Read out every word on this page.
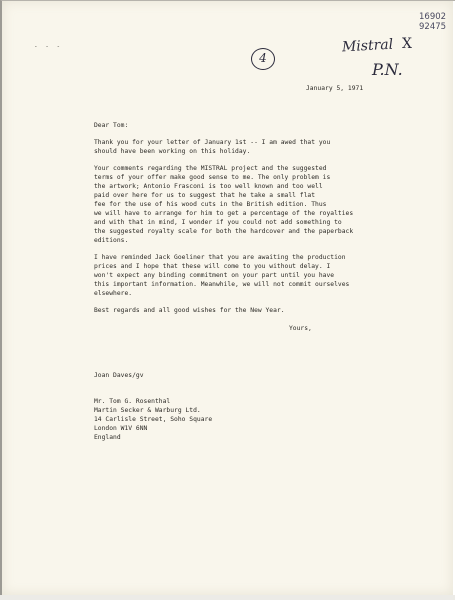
- - -
16902
92475
Mistral X
P.N.
4
January 5, 1971
Dear Tom:
Thank you for your letter of January 1st -- I am awed that you
should have been working on this holiday.
Your comments regarding the MISTRAL project and the suggested
terms of your offer make good sense to me. The only problem is
the artwork; Antonio Frasconi is too well known and too well
paid over here for us to suggest that he take a small flat
fee for the use of his wood cuts in the British edition. Thus
we will have to arrange for him to get a percentage of the royalties
and with that in mind, I wonder if you could not add something to
the suggested royalty scale for both the hardcover and the paperback
editions.
I have reminded Jack Goeliner that you are awaiting the production
prices and I hope that these will come to you without delay. I
won't expect any binding commitment on your part until you have
this important information. Meanwhile, we will not commit ourselves
elsewhere.
Best regards and all good wishes for the New Year.
Yours,
Joan Daves/gv
Mr. Tom G. Rosenthal
Martin Secker & Warburg Ltd.
14 Carlisle Street, Soho Square
London W1V 6NN
England
